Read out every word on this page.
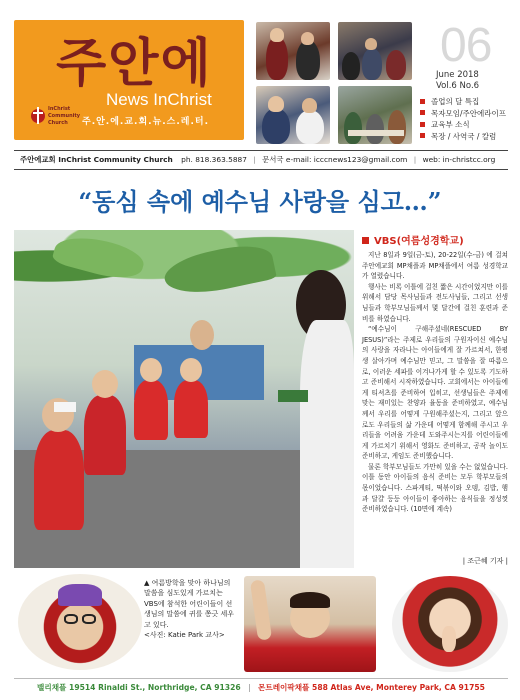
주안에
News InChrist
InChrist Community Church	주.안.에.교.회.뉴.스.레.터.
06
June 2018
Vol.6 No.6
졸업의 달 특집
목자모임/주안에라이프
교육부 소식
목장 / 사역국 / 칼럼
주안에교회 InChrist Community Church ph. 818.363.5887 | 문서국 e-mail: icccnews123@gmail.com | web: in-christcc.org
“동심 속에 예수님 사랑을 심고…”
VBS(여름성경학교)

지난 8일과 9일(금-토), 20-22일(수-금) 에 걸쳐 주안에교회 MP채플과 MP채플에서 여름 성경학교가 열렸습니다.

행사는 비록 이틀에 걸친 짧은 시간이었지만 이를 위해서 담당 목사님들과 전도사님들, 그리고 선생님들과 학부모님들께서 몇 달간에 걸친 훈련과 준비를 하였습니다.

“예수님이 구해주셨네(RESCUED BY JESUS)”라는 주제로 우리들의 구원자이신 예수님의 사랑을 자라나는 아이들에게 잘 가르쳐서, 한평생 살아가며 예수님만 믿고, 그 말씀을 잘 따름으로, 이러운 세파를 이겨나가게 할 수 있도록 기도하고 준비해서 시작하였습니다. 고회에서는 아이들에게 티셔츠를 준비하여 입히고, 선생님들은 주제에 맞는 재미있는 찬양과 율동을 준비하였고, 예수님께서 우리를 어떻게 구원해주셨는지, 그리고 앞으로도 우리들의 삶 가운데 어떻게 함께해 주시고 우리들을 어려움 가운데 도와주시는지를 어린이들에게 가르치기 위해서 영화도 준비하고, 공작 놀이도 준비하고, 게임도 준비했습니다.

물론 학부모님들도 가만히 있을 수는 없었습니다. 이틀 동안 아이들의 음식 준비는 모두 학부모들의 몫이었습니다. 스파게티, 떡볶이와 오뎅, 김밥, 햄과 달걀 등등 아이들이 좋아하는 음식들을 정성껏 준비하였습니다. (10면에 계속)

| 조근혜 기자 |
▲ 여름방학을 맞아 하나님의 말씀을 심도있게 가르치는 VBS에 참석한 어린이들이 선생님의 말씀에 귀를 쫑긋 세우고 있다.
<사진: Katie Park 교사>
밸리채플 19514 Rinaldi St., Northridge, CA 91326 | 몬트레이팍채플 588 Atlas Ave, Monterey Park, CA 91755
